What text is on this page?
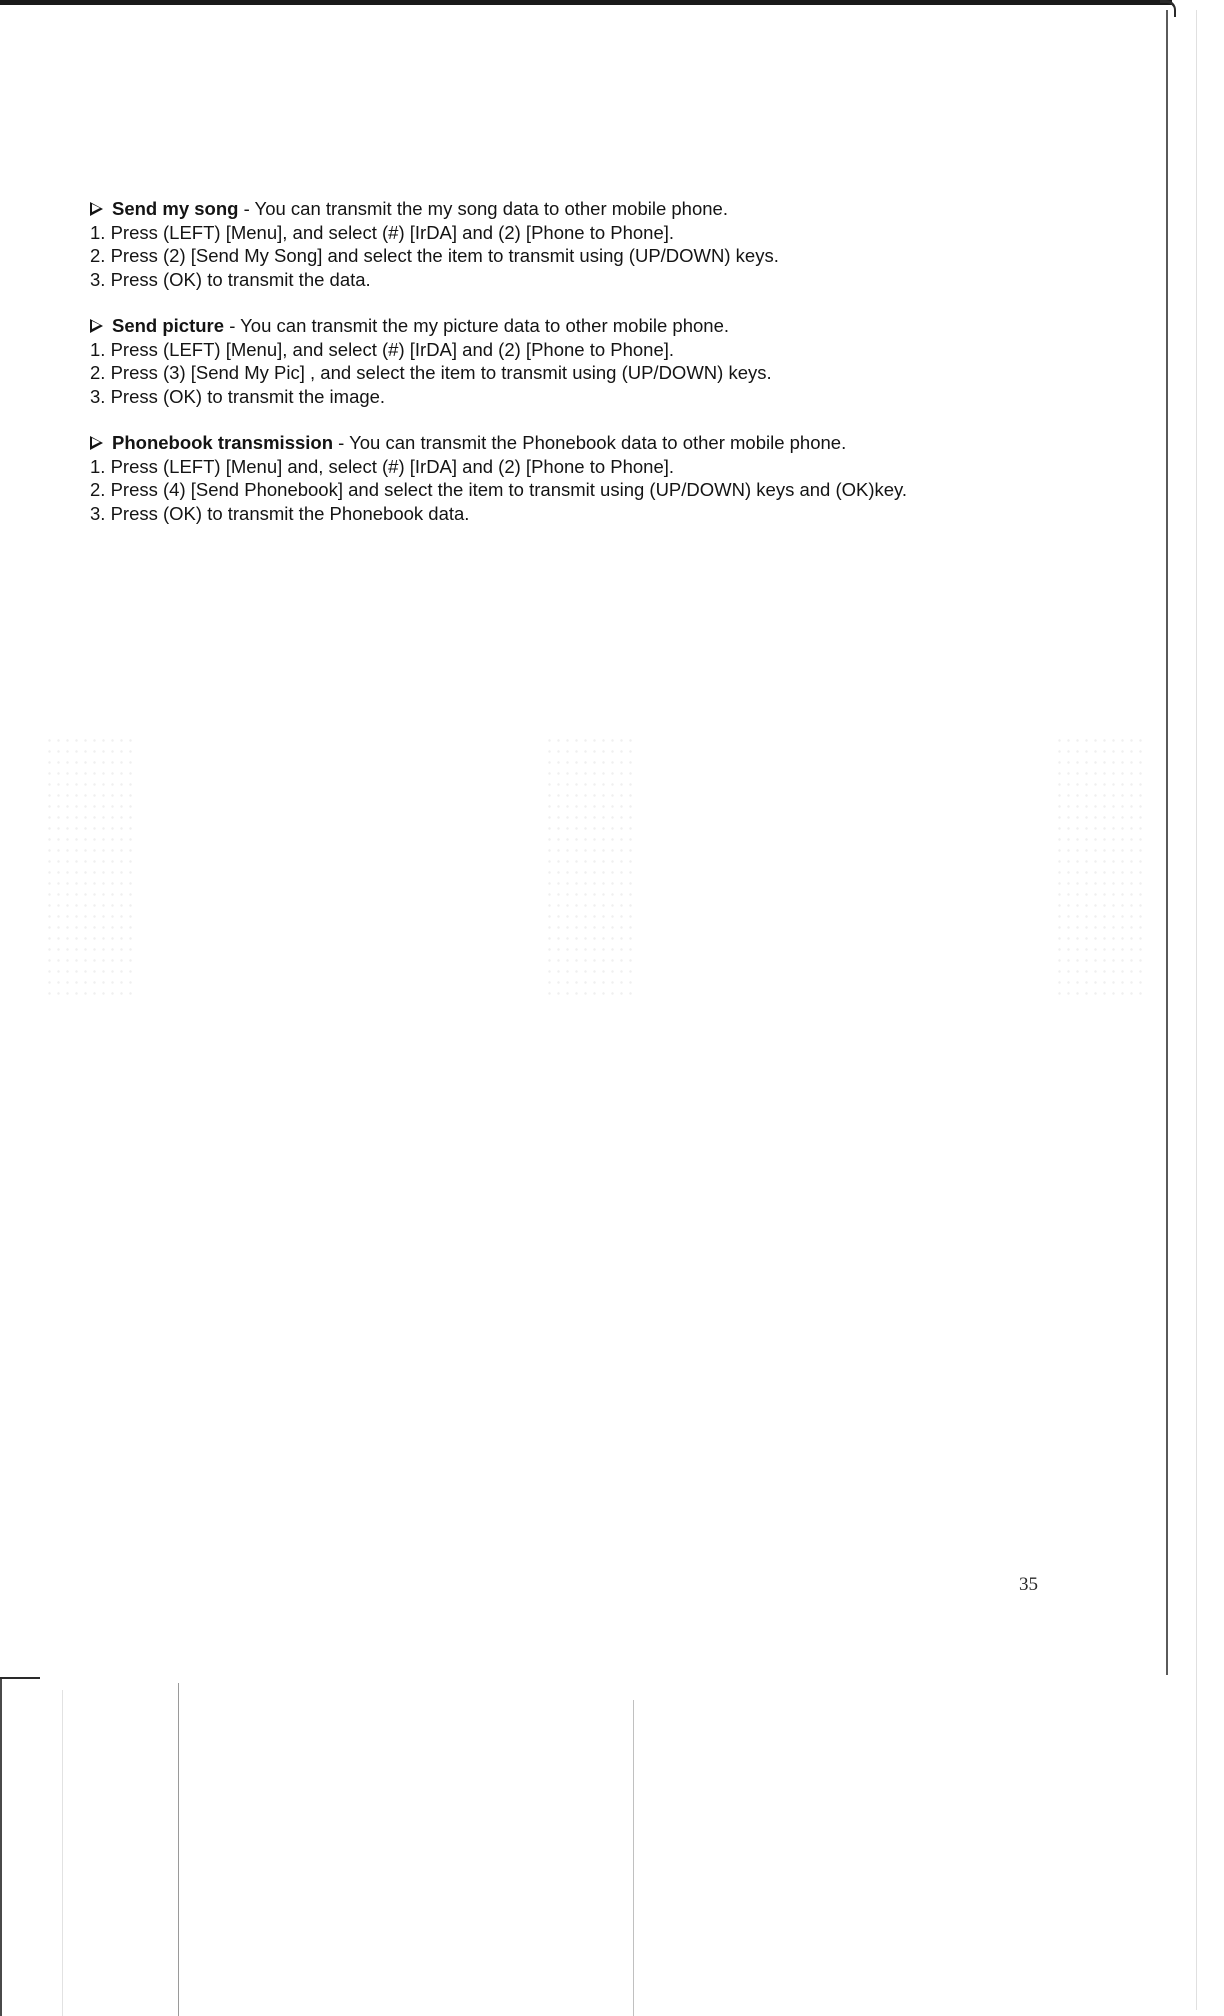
Send my song - You can transmit the my song data to other mobile phone.
1. Press (LEFT) [Menu], and select (#) [IrDA] and (2) [Phone to Phone].
2. Press (2) [Send My Song] and select the item to transmit using (UP/DOWN) keys.
3. Press (OK) to transmit the data.
Send picture - You can transmit the my picture data to other mobile phone.
1. Press (LEFT) [Menu], and select (#) [IrDA] and (2) [Phone to Phone].
2. Press (3) [Send My Pic] , and select the item to transmit using (UP/DOWN) keys.
3. Press (OK) to transmit the image.
Phonebook transmission - You can transmit the Phonebook data to other mobile phone.
1. Press (LEFT) [Menu] and, select (#) [IrDA] and (2) [Phone to Phone].
2. Press (4) [Send Phonebook] and select the item to transmit using (UP/DOWN) keys and (OK)key.
3. Press (OK) to transmit the Phonebook data.
35
